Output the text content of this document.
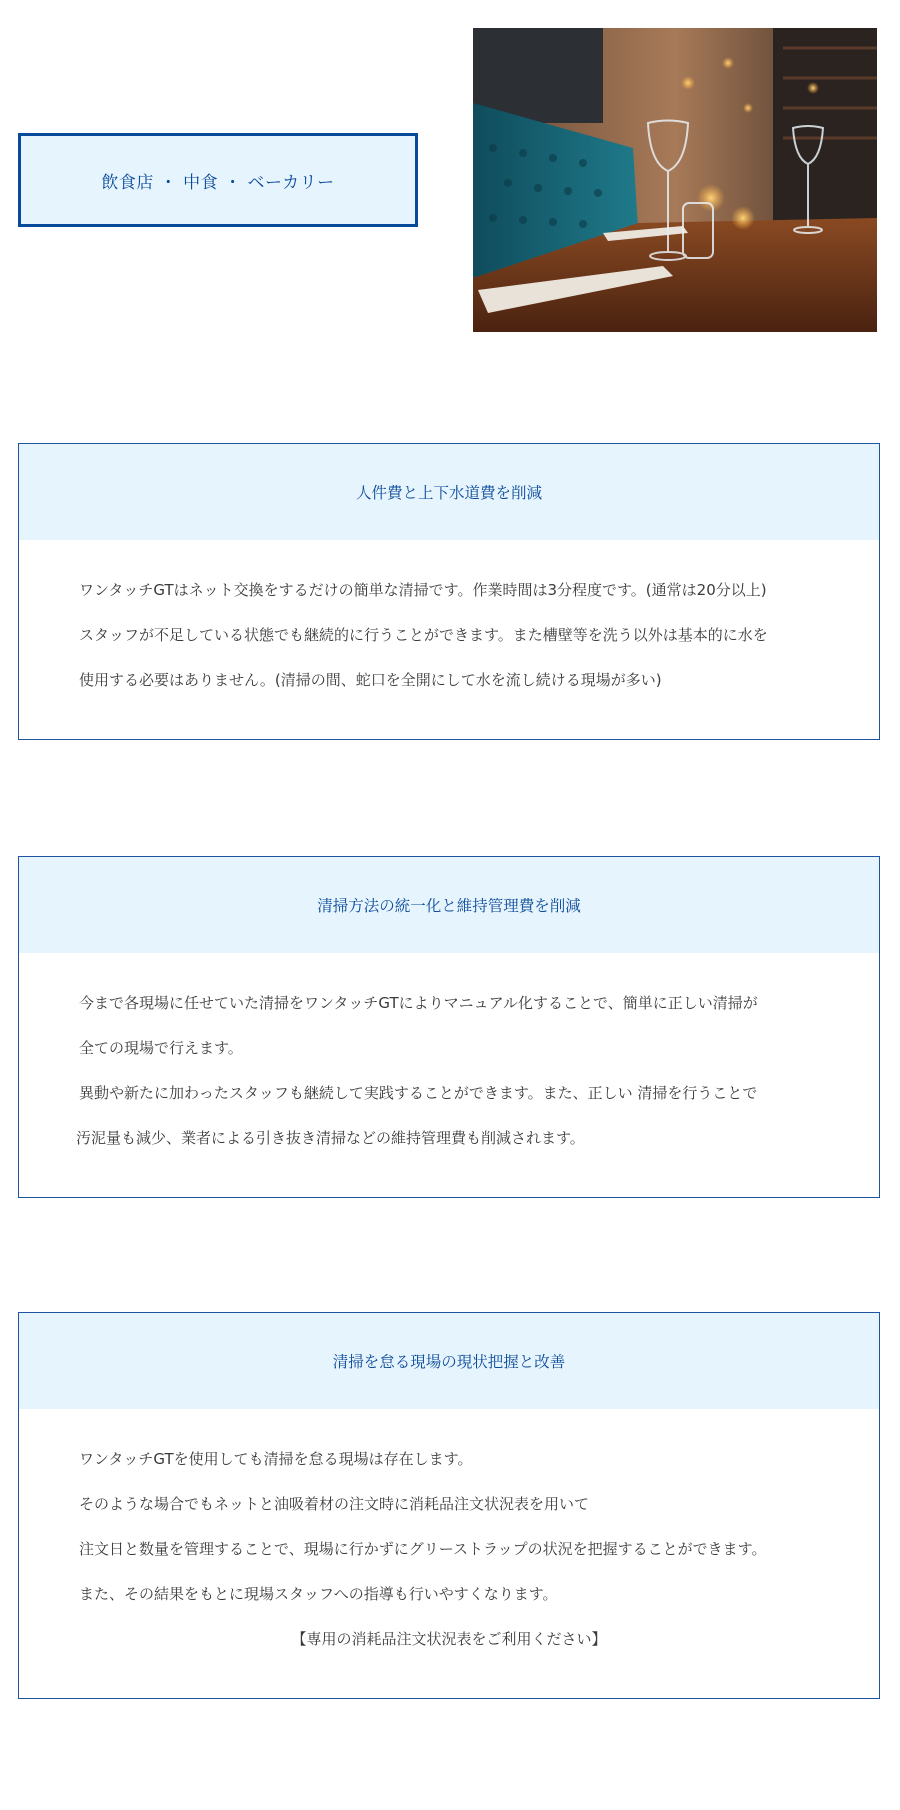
飲食店 ・ 中食 ・ ベーカリー
人件費と上下水道費を削減

ワンタッチGTはネット交換をするだけの簡単な清掃です。作業時間は3分程度です。(通常は20分以上)

スタッフが不足している状態でも継続的に行うことができます。また槽壁等を洗う以外は基本的に水を

使用する必要はありません。(清掃の間、蛇口を全開にして水を流し続ける現場が多い)

清掃方法の統一化と維持管理費を削減

今まで各現場に任せていた清掃をワンタッチGTによりマニュアル化することで、簡単に正しい清掃が

全ての現場で行えます。

異動や新たに加わったスタッフも継続して実践することができます。また、正しい 清掃を行うことで

汚泥量も減少、業者による引き抜き清掃などの維持管理費も削減されます。

清掃を怠る現場の現状把握と改善

ワンタッチGTを使用しても清掃を怠る現場は存在します。

そのような場合でもネットと油吸着材の注文時に消耗品注文状況表を用いて

注文日と数量を管理することで、現場に行かずにグリーストラップの状況を把握することができます。

また、その結果をもとに現場スタッフへの指導も行いやすくなります。

【専用の消耗品注文状況表をご利用ください】
